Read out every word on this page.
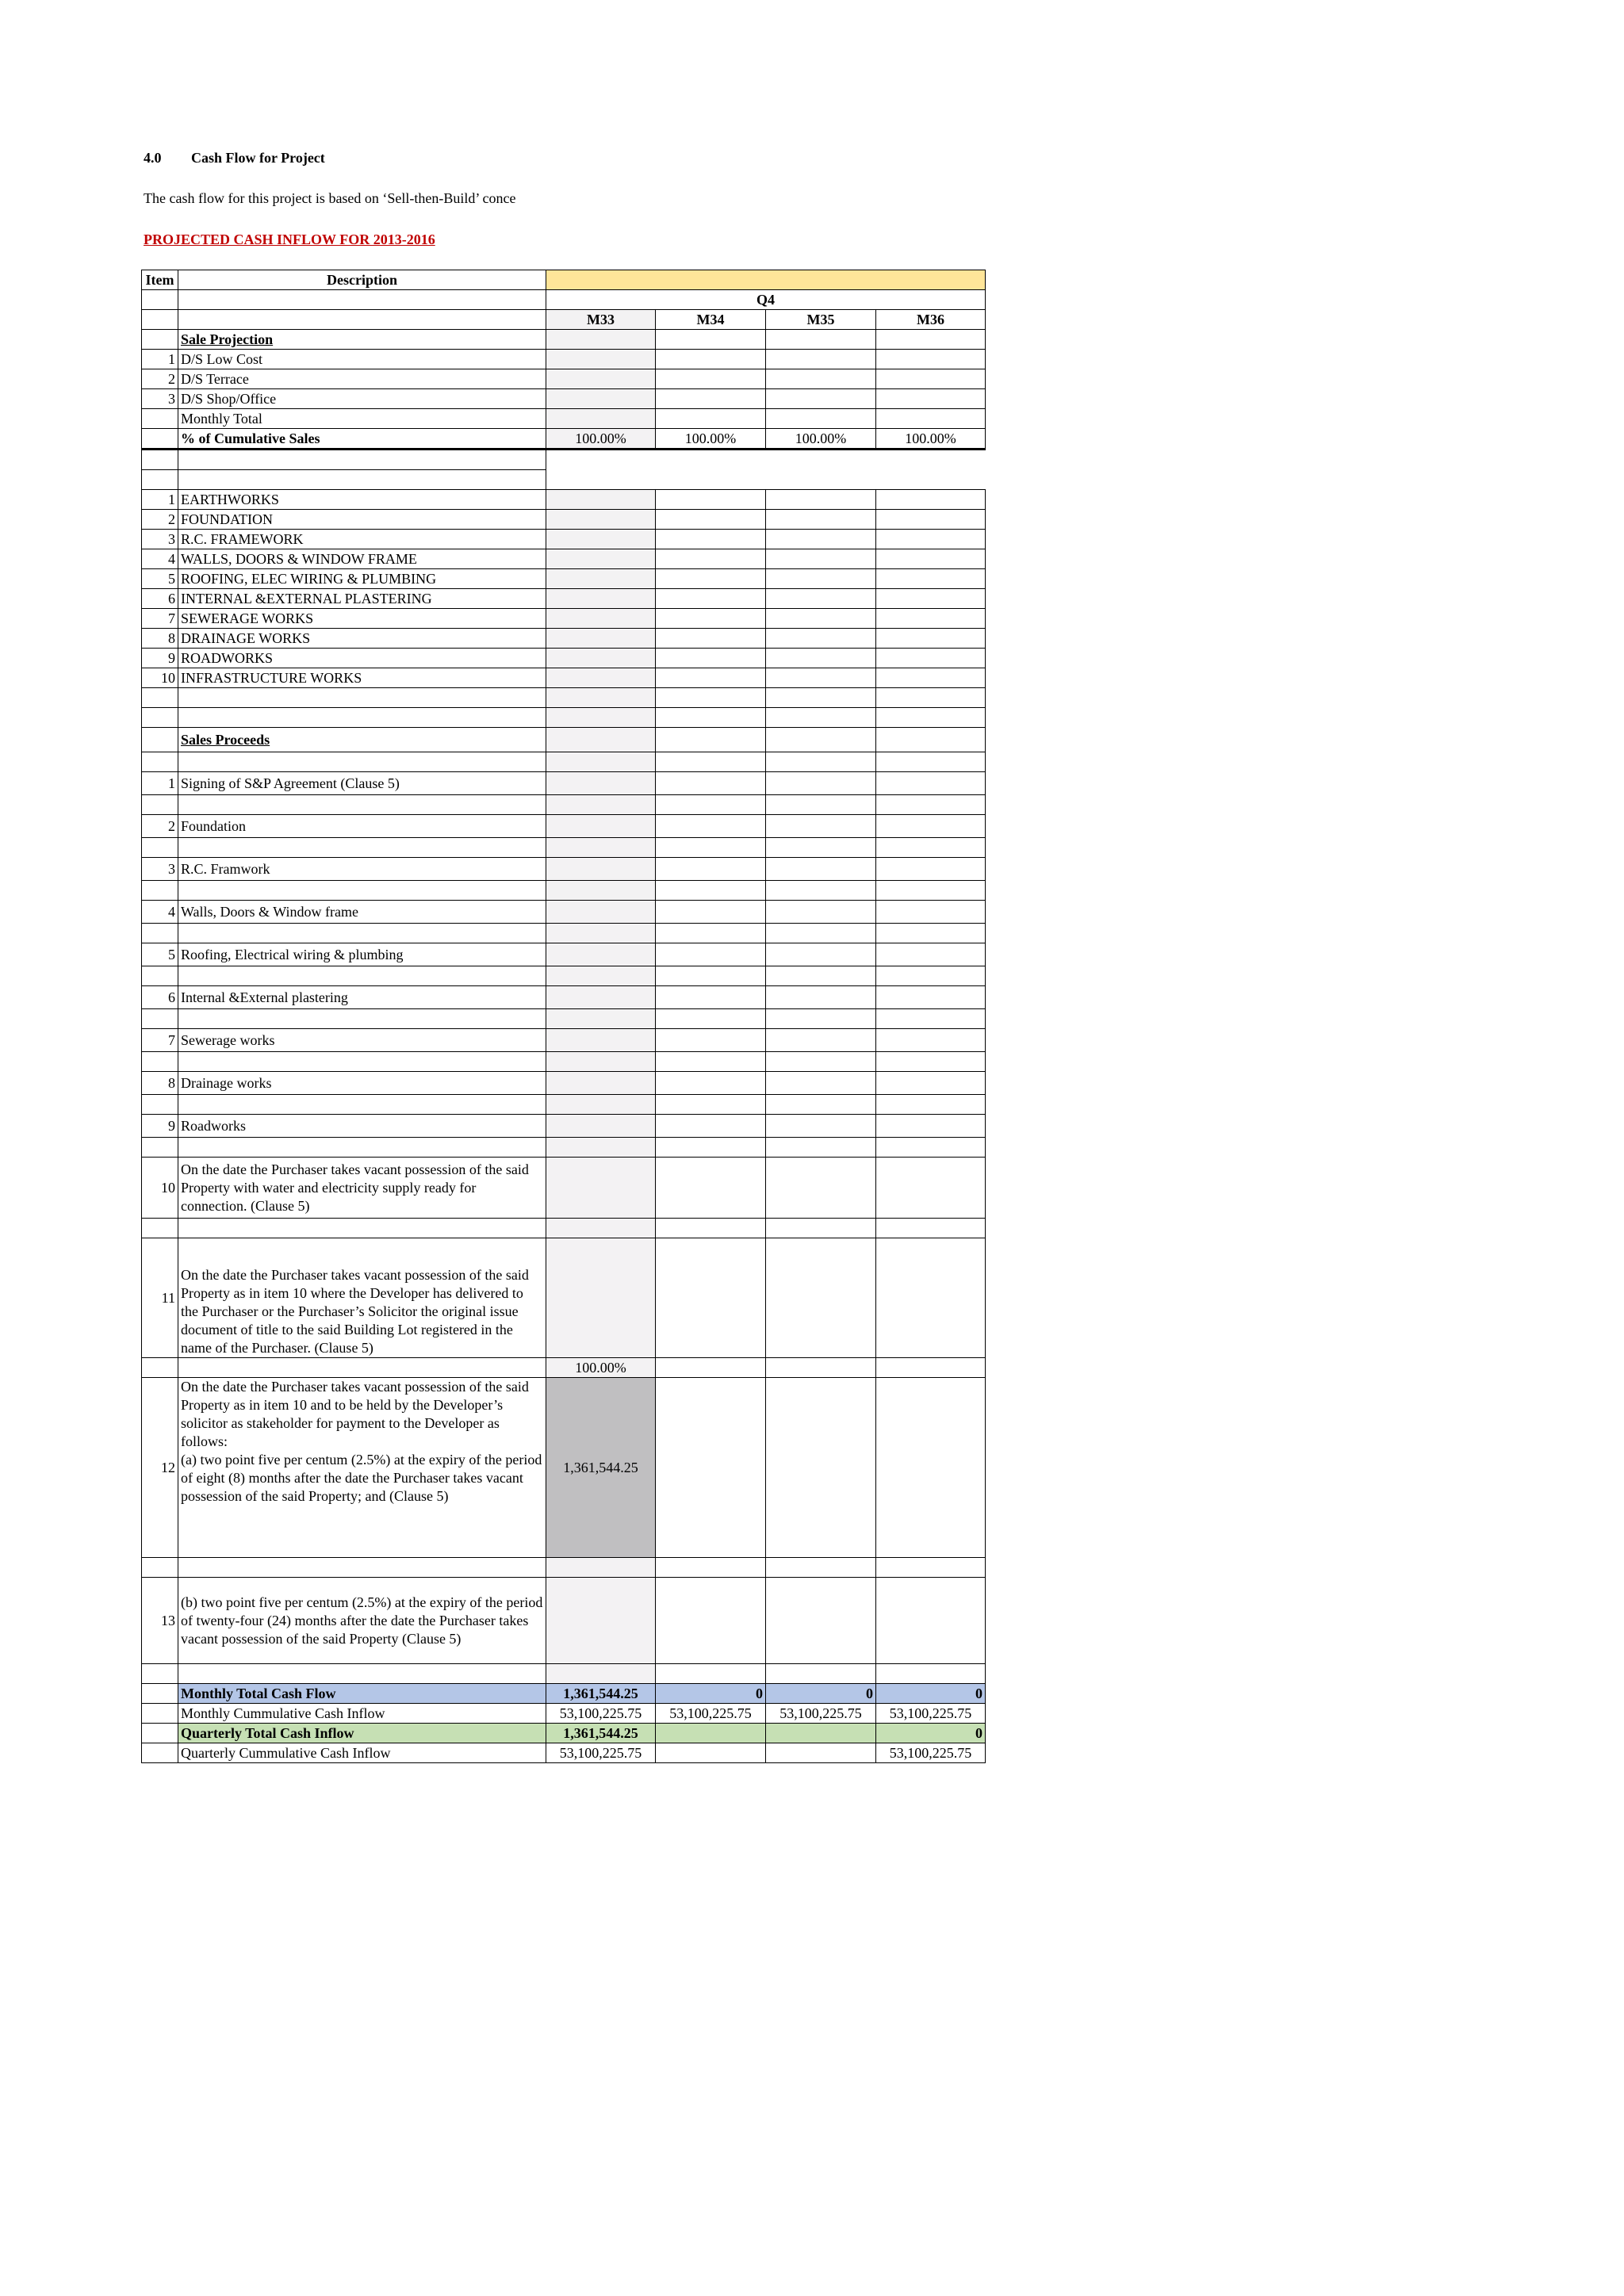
4.0 Cash Flow for Project
The cash flow for this project is based on ‘Sell-then-Build’ conce
PROJECTED CASH INFLOW FOR 2013-2016
Item	Description				
		Q4			
		M33	M34	M35	M36
	Sale Projection				
1	D/S Low Cost				
2	D/S Terrace				
3	D/S Shop/Office				
	Monthly Total				
	% of Cumulative Sales	100.00%	100.00%	100.00%	100.00%

1	EARTHWORKS				
2	FOUNDATION				
3	R.C. FRAMEWORK				
4	WALLS, DOORS & WINDOW FRAME				
5	ROOFING, ELEC WIRING & PLUMBING				
6	INTERNAL &EXTERNAL PLASTERING				
7	SEWERAGE WORKS				
8	DRAINAGE WORKS				
9	ROADWORKS				
10	INFRASTRUCTURE WORKS				

	Sales Proceeds				

1	Signing of S&P Agreement (Clause 5)				

2	Foundation				

3	R.C. Framwork				

4	Walls, Doors & Window frame				

5	Roofing, Electrical wiring & plumbing				

6	Internal &External plastering				

7	Sewerage works				

8	Drainage works				

9	Roadworks				

10	On the date the Purchaser takes vacant possession of the said Property with water and electricity supply ready for connection. (Clause 5)				

11	On the date the Purchaser takes vacant possession of the said Property as in item 10 where the Developer has delivered to the Purchaser or the Purchaser’s Solicitor the original issue document of title to the said Building Lot registered in the name of the Purchaser. (Clause 5)				
		100.00%			
12	On the date the Purchaser takes vacant possession of the said Property as in item 10 and to be held by the Developer’s solicitor as stakeholder for payment to the Developer as follows:
(a) two point five per centum (2.5%) at the expiry of the period of eight (8) months after the date the Purchaser takes vacant possession of the said Property; and (Clause 5)	1,361,544.25			

13	(b) two point five per centum (2.5%) at the expiry of the period of twenty-four (24) months after the date the Purchaser takes vacant possession of the said Property (Clause 5)				

	Monthly Total Cash Flow	1,361,544.25	0	0	0
	Monthly Cummulative Cash Inflow	53,100,225.75	53,100,225.75	53,100,225.75	53,100,225.75
	Quarterly Total Cash Inflow	1,361,544.25			0
	Quarterly Cummulative Cash Inflow	53,100,225.75			53,100,225.75
